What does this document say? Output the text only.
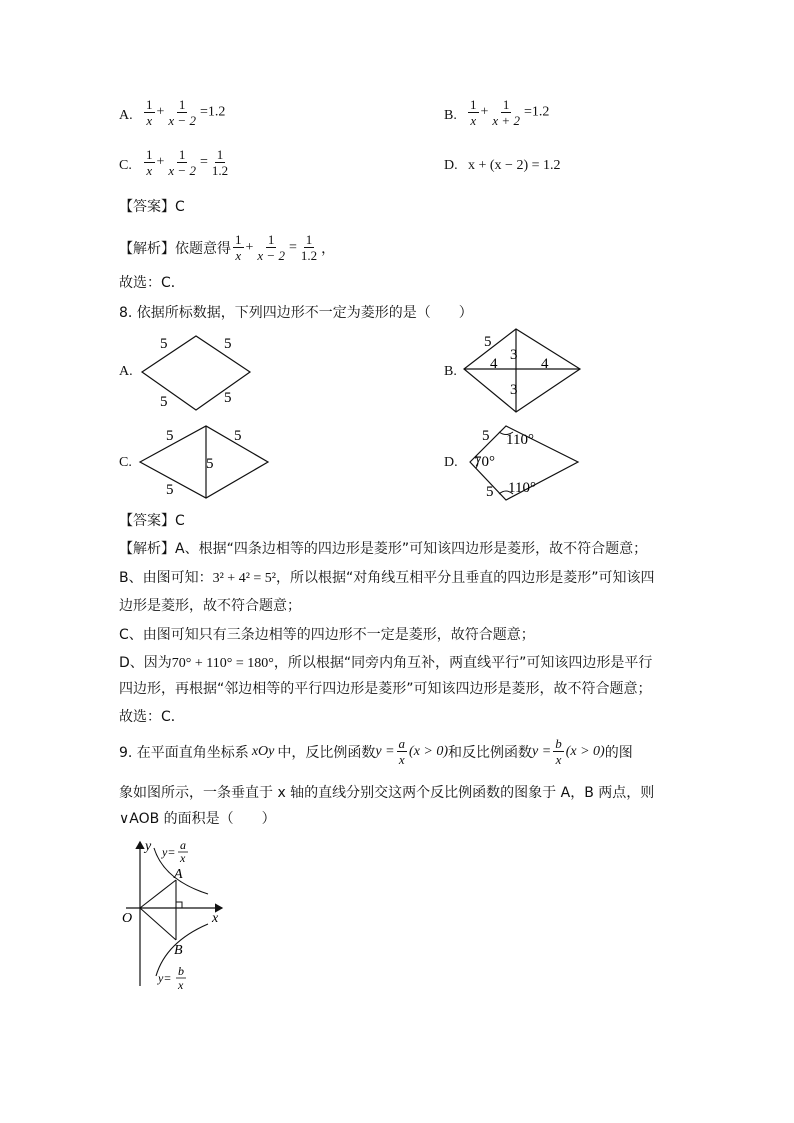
A. $\frac{1}{x} + \frac{1}{x - 2} =1.2$	B. $\frac{1}{x} + \frac{1}{x + 2} =1.2$
C. $\frac{1}{x} + \frac{1}{x - 2} = \frac{1}{1.2}$	D. x + (x − 2) = 1.2
【答案】C
【解析】依题意得 $\frac{1}{x} + \frac{1}{x - 2} = \frac{1}{1.2}$ ，
故选：C．
8. 依据所标数据，下列四边形不一定为菱形的是（　　）
A.
5	5
5	5
B.
5
3
3
4	4
C.
5	5
5
5	D.
5
5
110°
70°
110°
【答案】C
【解析】A、根据“四条边相等的四边形是菱形”可知该四边形是菱形，故不符合题意；
B、由图可知：3² + 4² = 5²，所以根据“对角线互相平分且垂直的四边形是菱形”可知该四
边形是菱形，故不符合题意；
C、由图可知只有三条边相等的四边形不一定是菱形，故符合题意；
D、因为70° + 110° = 180°，所以根据“同旁内角互补，两直线平行”可知该四边形是平行
四边形，再根据“邻边相等的平行四边形是菱形”可知该四边形是菱形，故不符合题意；
故选：C．
9. 在平面直角坐标系 xOy 中，反比例函数 $y = \frac{a}{x} (x > 0)$ 和反比例函数 $y = \frac{b}{x} (x > 0)$ 的图
象如图所示，一条垂直于 x 轴的直线分别交这两个反比例函数的图象于 A，B 两点，则
∨AOB 的面积是（　　）
y
x
O
A
B
y= a
x
y= b
x
